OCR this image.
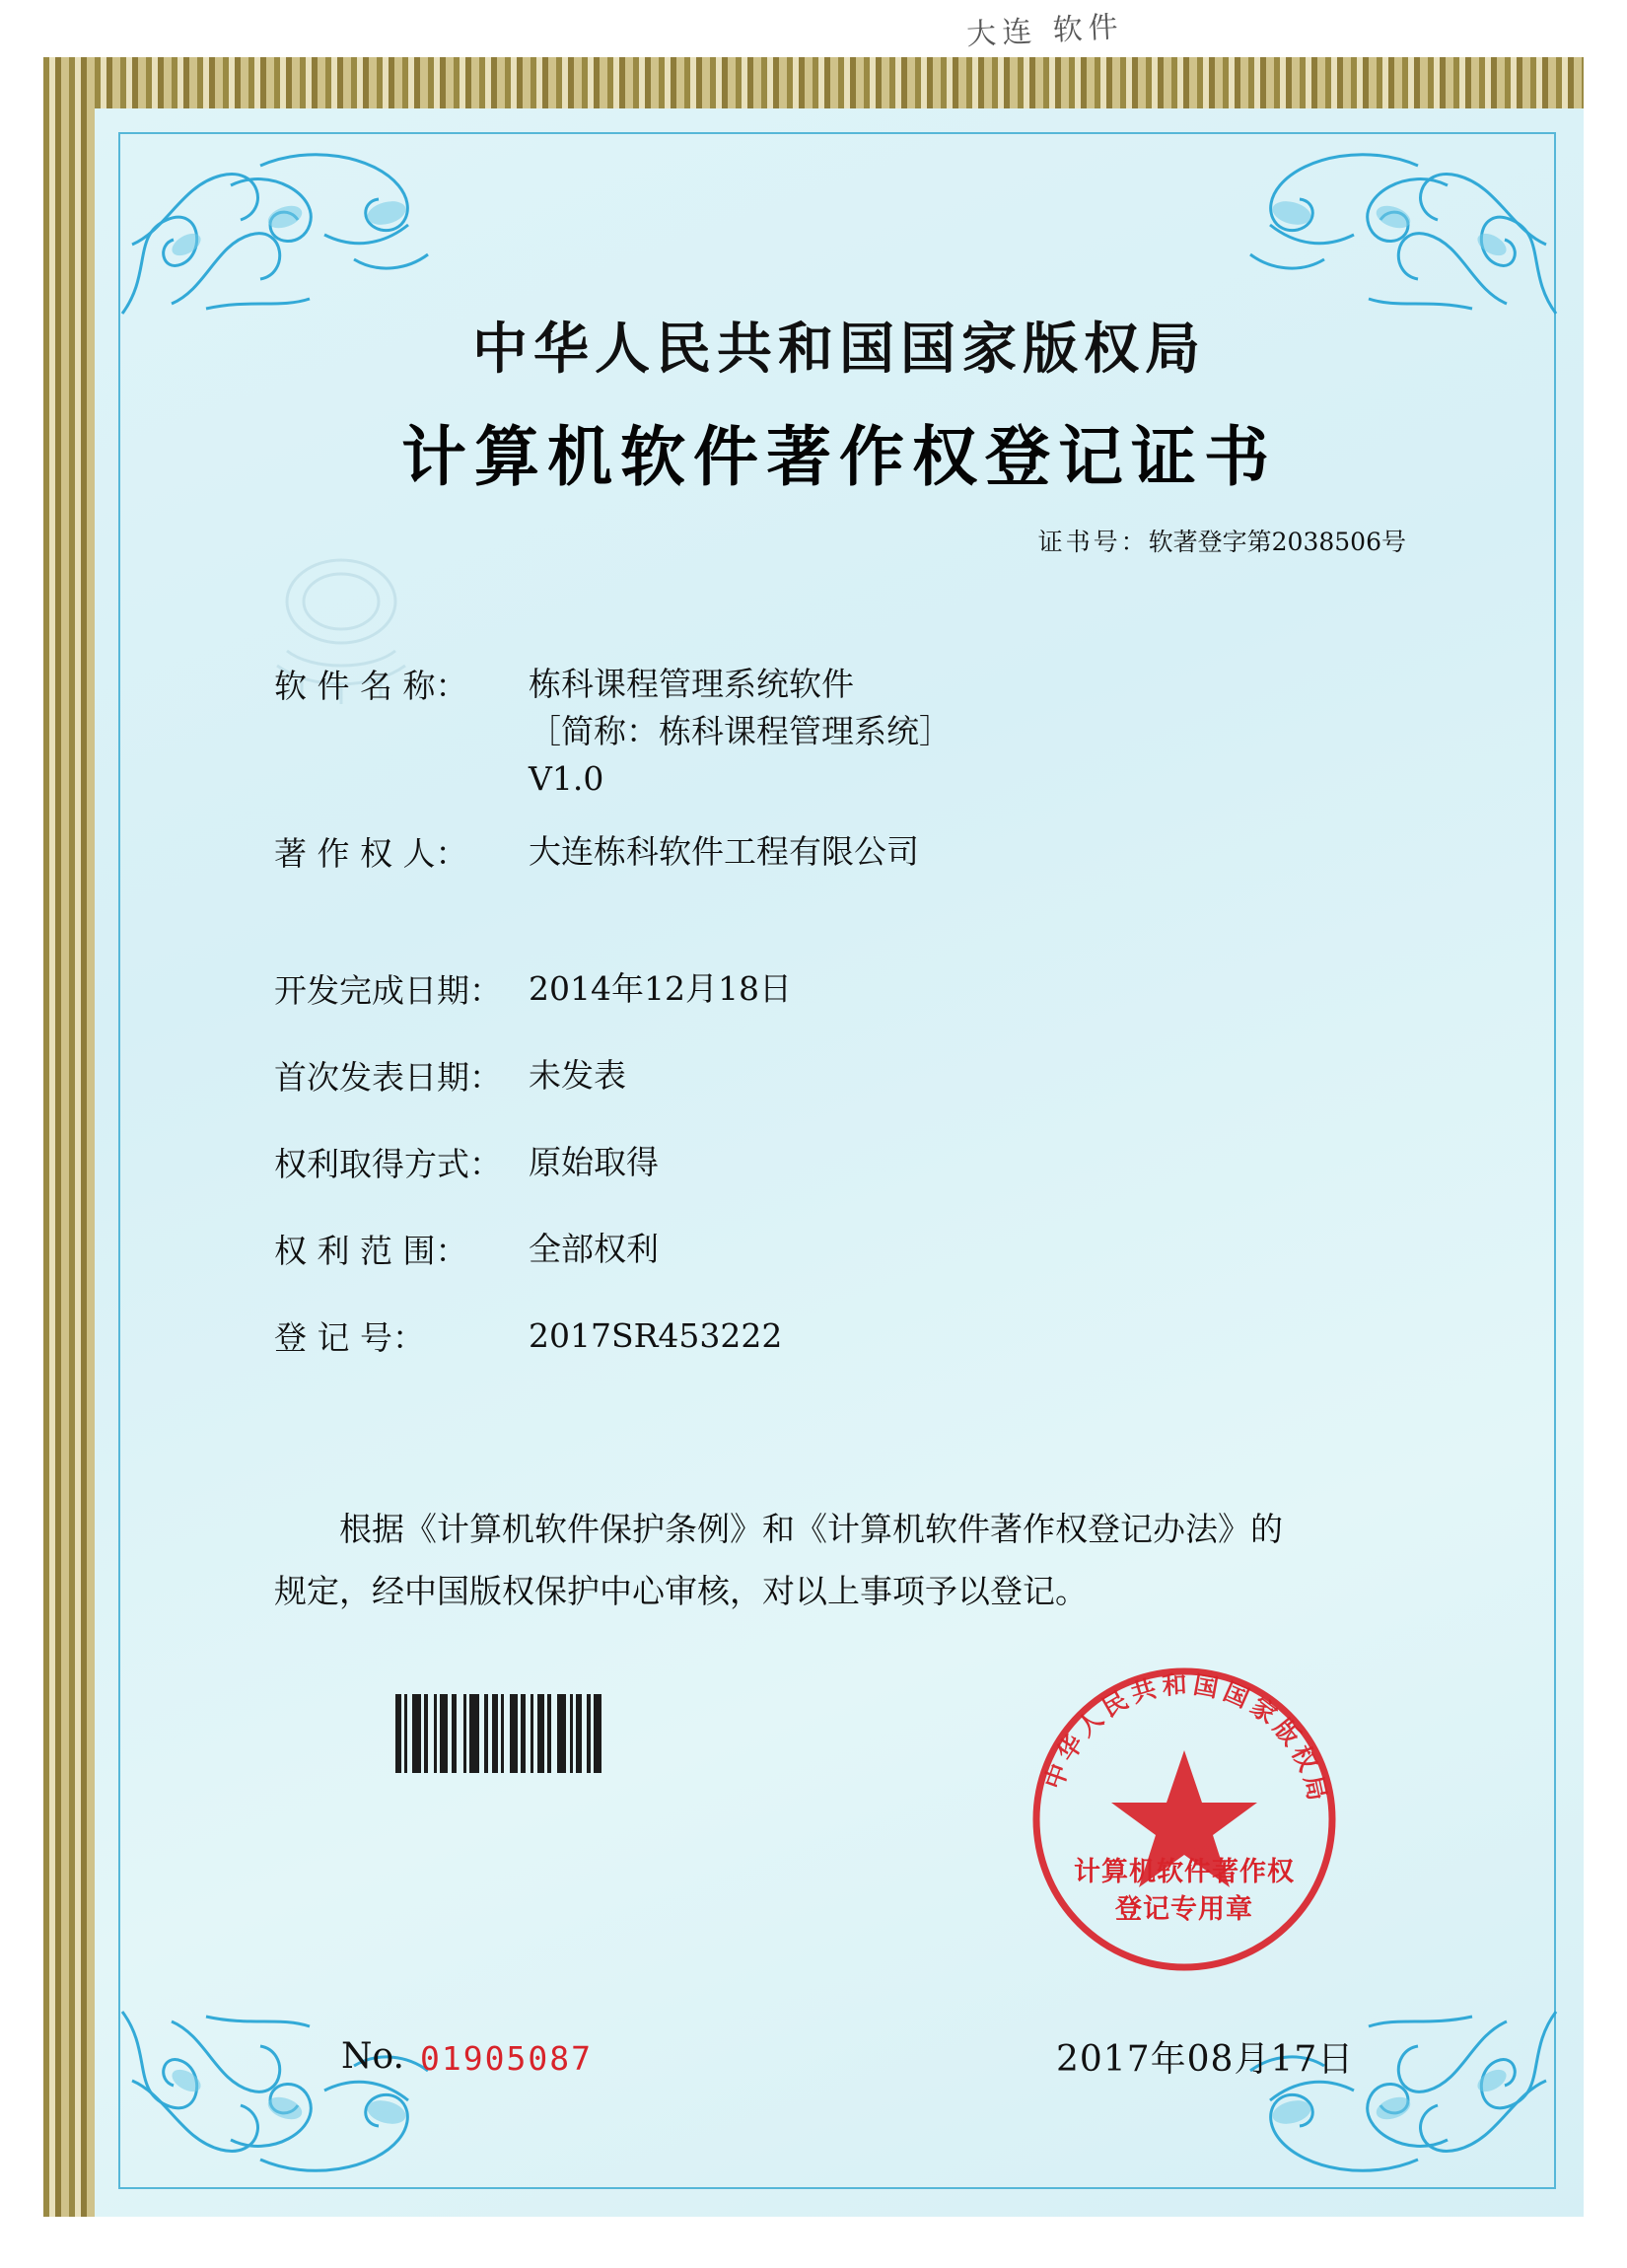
大连 软件
中华人民共和国国家版权局
计算机软件著作权登记证书
证书号：软著登字第2038506号
软 件 名 称：	栋科课程管理系统软件
［简称：栋科课程管理系统］
V1.0
著 作 权 人：	大连栋科软件工程有限公司
开发完成日期： 2014年12月18日
首次发表日期： 未发表
权利取得方式： 原始取得
权 利 范 围：	全部权利
登 记 号：	2017SR453222
根据《计算机软件保护条例》和《计算机软件著作权登记办法》的
规定，经中国版权保护中心审核，对以上事项予以登记。
中华人民共和国国家版权局
计算机软件著作权
登记专用章
No. 01905087	2017年08月17日
